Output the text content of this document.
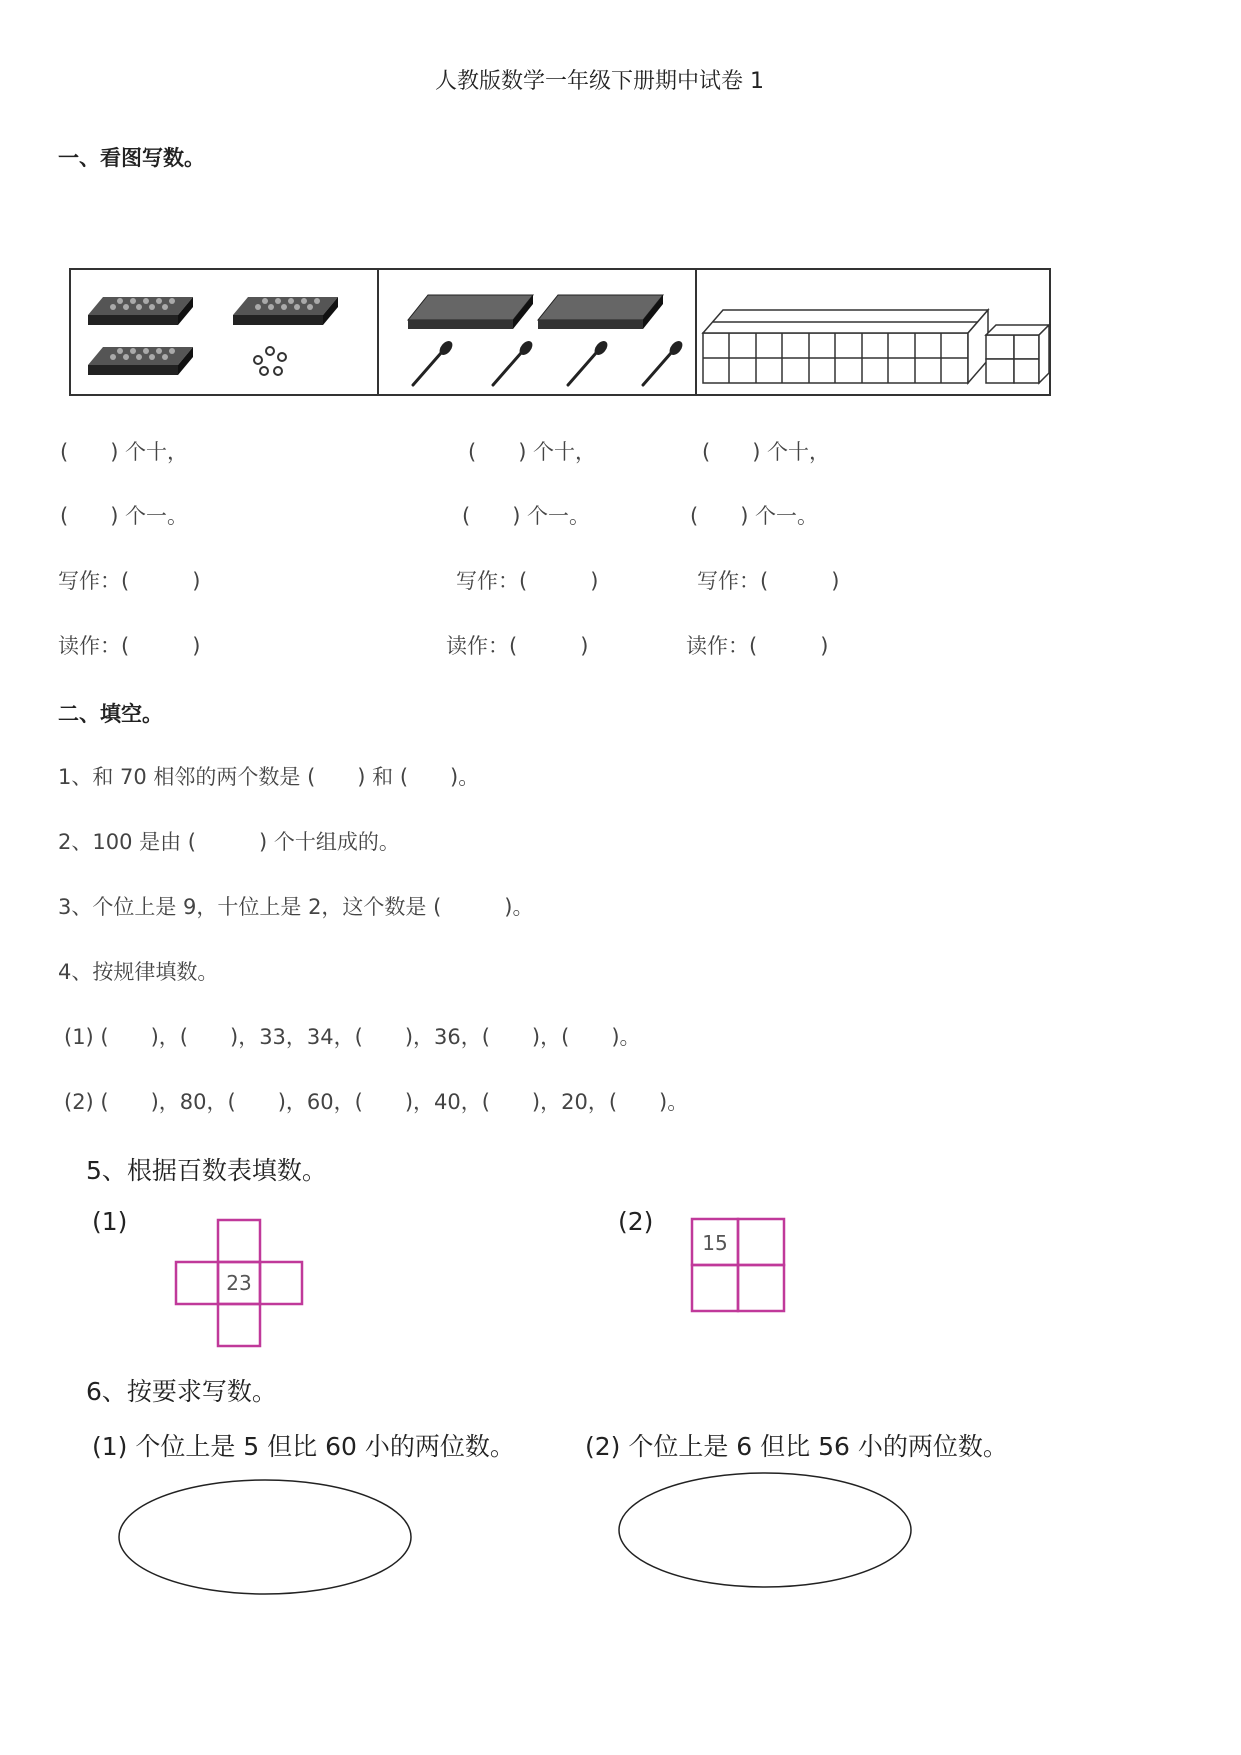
人教版数学一年级下册期中试卷 1
一、看图写数。
(　　) 个十，
(　　) 个一。
写作：(　　　)
读作：(　　　)
(　　) 个十，
(　　) 个一。
写作：(　　　)
读作：(　　　)
(　　) 个十，
(　　) 个一。
写作：(　　　)
读作：(　　　)
二、填空。
1、和 70 相邻的两个数是 (　　) 和 (　　)。
2、100 是由 (　　　) 个十组成的。
3、个位上是 9，十位上是 2，这个数是 (　　　)。
4、按规律填数。
(1) (　　)，(　　)，33，34，(　　)，36，(　　)，(　　)。
(2) (　　)，80，(　　)，60，(　　)，40，(　　)，20，(　　)。
5、根据百数表填数。
(1)	(2)
23
15
6、按要求写数。
(1) 个位上是 5 但比 60 小的两位数。	(2) 个位上是 6 但比 56 小的两位数。
